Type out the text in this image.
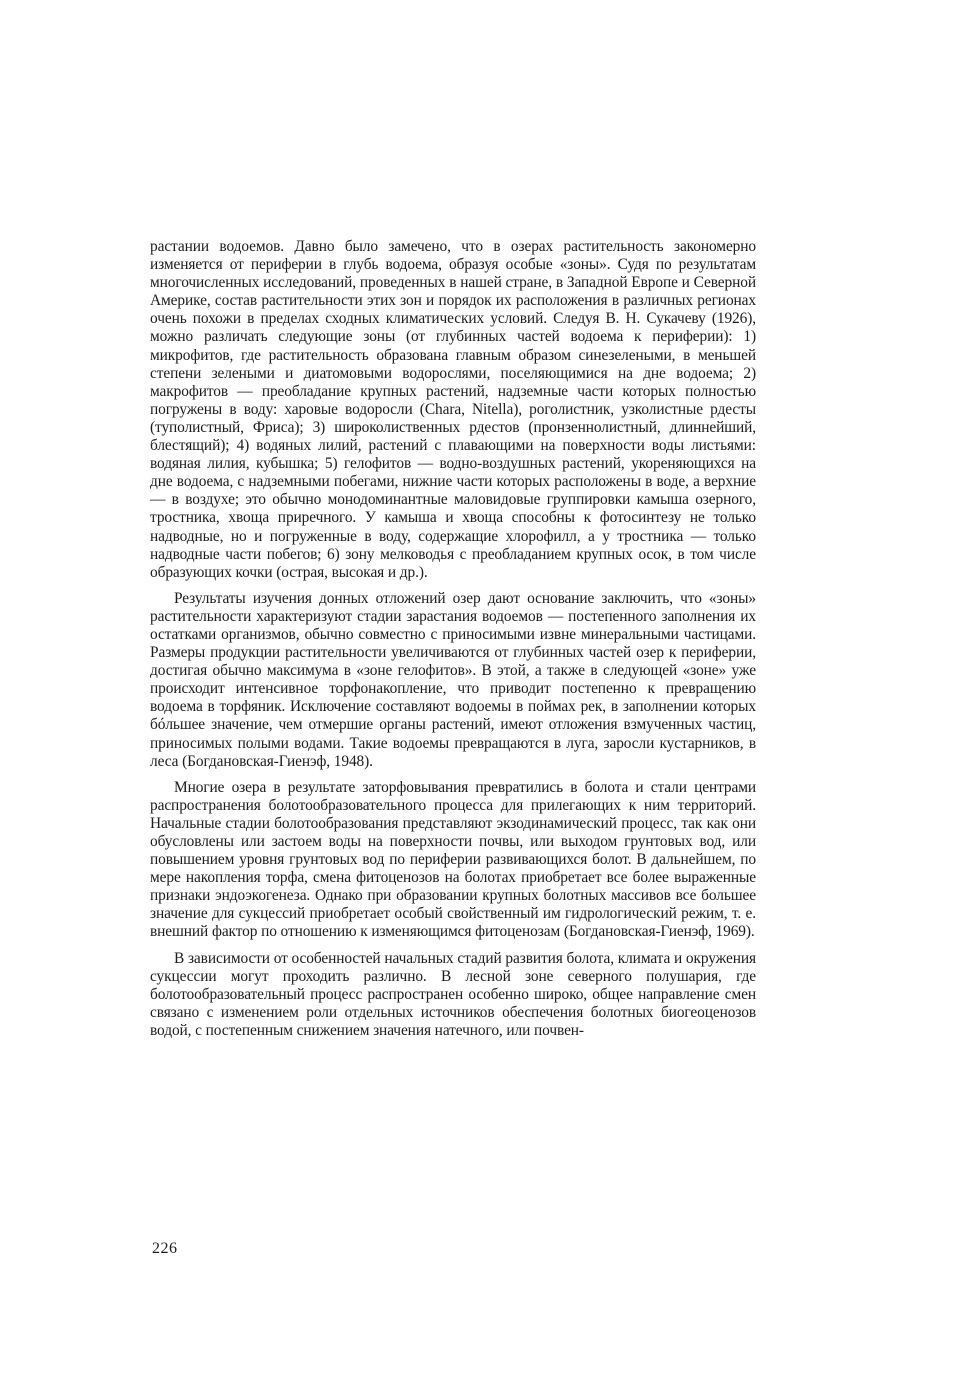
растании водоемов. Давно было замечено, что в озерах растительность закономерно изменяется от периферии в глубь водоема, образуя особые «зоны». Судя по результатам многочисленных исследований, проведенных в нашей стране, в Западной Европе и Северной Америке, состав растительности этих зон и порядок их расположения в различных регионах очень похожи в пределах сходных климатических условий. Следуя В. Н. Сукачеву (1926), можно различать следующие зоны (от глубинных частей водоема к периферии): 1) микрофитов, где растительность образована главным образом синезелеными, в меньшей степени зелеными и диатомовыми водорослями, поселяющимися на дне водоема; 2) макрофитов — преобладание крупных растений, надземные части которых полностью погружены в воду: харовые водоросли (Chara, Nitella), роголистник, узколистные рдесты (туполистный, Фриса); 3) широколиственных рдестов (пронзеннолистный, длиннейший, блестящий); 4) водяных лилий, растений с плавающими на поверхности воды листьями: водяная лилия, кубышка; 5) гелофитов — водно-воздушных растений, укореняющихся на дне водоема, с надземными побегами, нижние части которых расположены в воде, а верхние — в воздухе; это обычно монодоминантные маловидовые группировки камыша озерного, тростника, хвоща приречного. У камыша и хвоща способны к фотосинтезу не только надводные, но и погруженные в воду, содержащие хлорофилл, а у тростника — только надводные части побегов; 6) зону мелководья с преобладанием крупных осок, в том числе образующих кочки (острая, высокая и др.).

Результаты изучения донных отложений озер дают основание заключить, что «зоны» растительности характеризуют стадии зарастания водоемов — постепенного заполнения их остатками организмов, обычно совместно с приносимыми извне минеральными частицами. Размеры продукции растительности увеличиваются от глубинных частей озер к периферии, достигая обычно максимума в «зоне гелофитов». В этой, а также в следующей «зоне» уже происходит интенсивное торфонакопление, что приводит постепенно к превращению водоема в торфяник. Исключение составляют водоемы в поймах рек, в заполнении которых бóльшее значение, чем отмершие органы растений, имеют отложения взмученных частиц, приносимых полыми водами. Такие водоемы превращаются в луга, заросли кустарников, в леса (Богдановская-Гиенэф, 1948).

Многие озера в результате заторфовывания превратились в болота и стали центрами распространения болотообразовательного процесса для прилегающих к ним территорий. Начальные стадии болотообразования представляют экзодинамический процесс, так как они обусловлены или застоем воды на поверхности почвы, или выходом грунтовых вод, или повышением уровня грунтовых вод по периферии развивающихся болот. В дальнейшем, по мере накопления торфа, смена фитоценозов на болотах приобретает все более выраженные признаки эндоэкогенеза. Однако при образовании крупных болотных массивов все большее значение для сукцессий приобретает особый свойственный им гидрологический режим, т. е. внешний фактор по отношению к изменяющимся фитоценозам (Богдановская-Гиенэф, 1969).

В зависимости от особенностей начальных стадий развития болота, климата и окружения сукцессии могут проходить различно. В лесной зоне северного полушария, где болотообразовательный процесс распространен особенно широко, общее направление смен связано с изменением роли отдельных источников обеспечения болотных биогеоценозов водой, с постепенным снижением значения натечного, или почвен-

226
